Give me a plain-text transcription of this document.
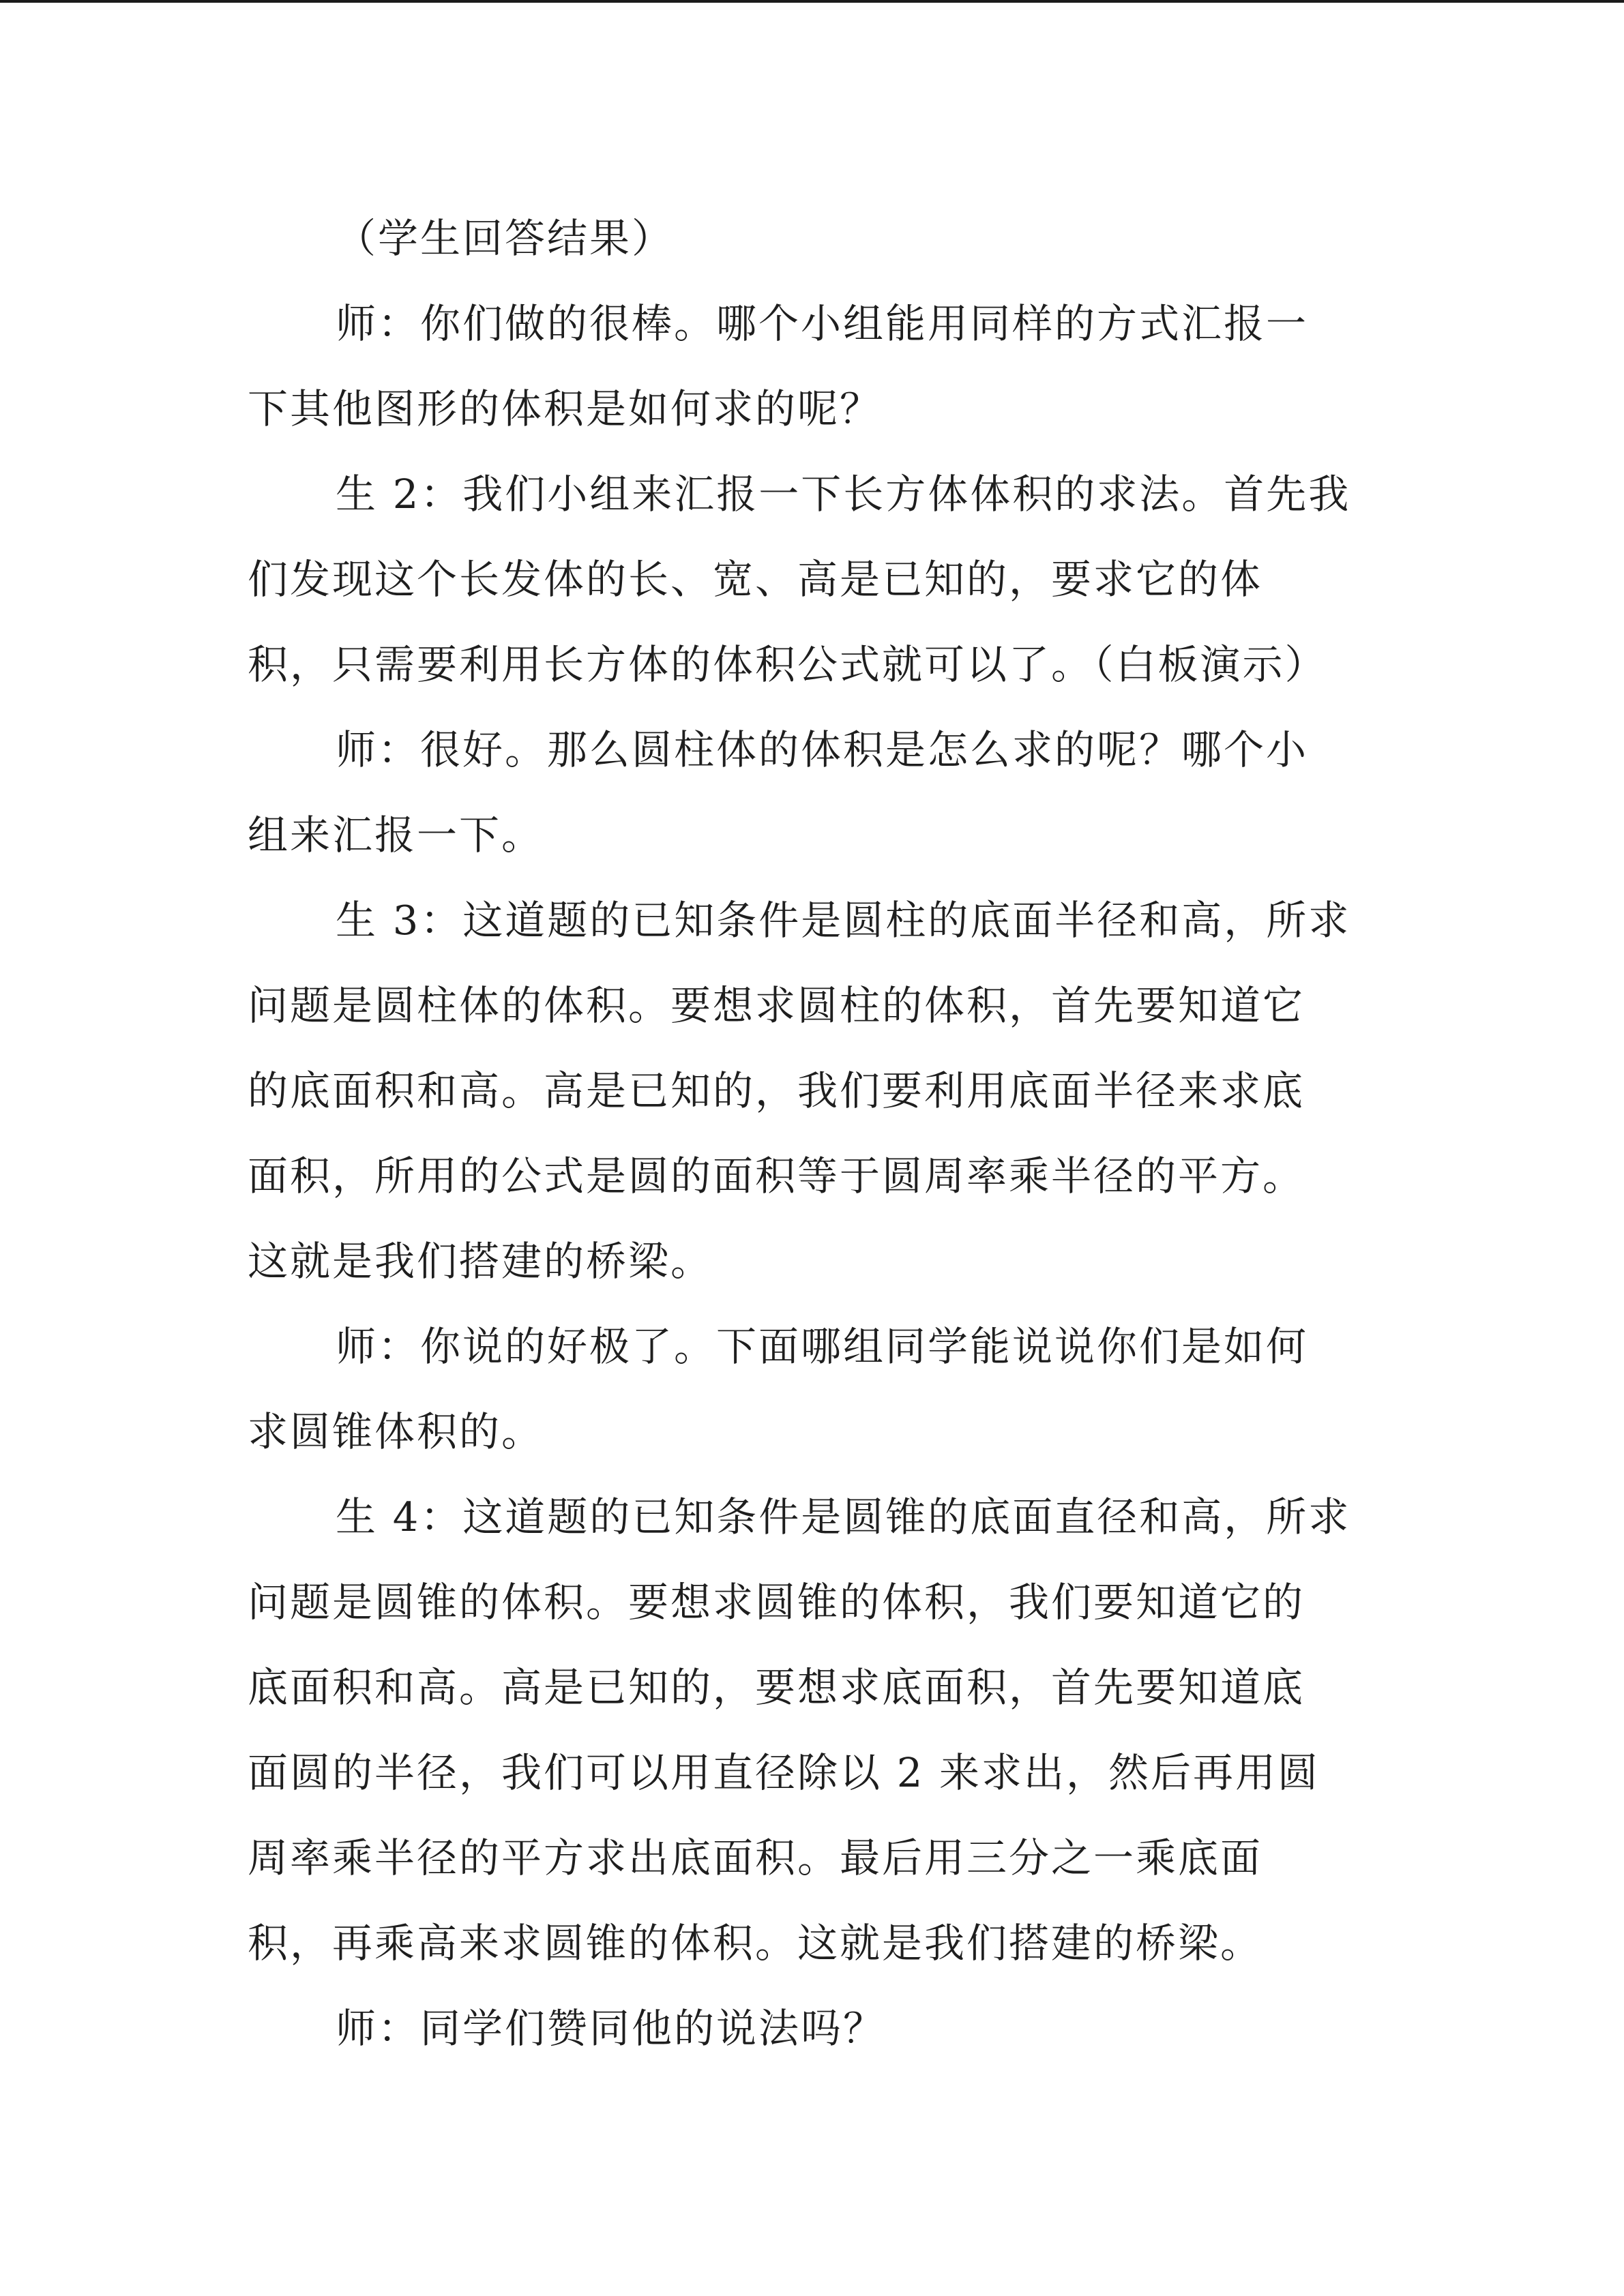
（学生回答结果）
师：你们做的很棒。哪个小组能用同样的方式汇报一
下其他图形的体积是如何求的呢？
生 2：我们小组来汇报一下长方体体积的求法。首先我
们发现这个长发体的长、宽、高是已知的，要求它的体
积，只需要利用长方体的体积公式就可以了。（白板演示）
师：很好。那么圆柱体的体积是怎么求的呢？哪个小
组来汇报一下。
生 3：这道题的已知条件是圆柱的底面半径和高，所求
问题是圆柱体的体积。要想求圆柱的体积，首先要知道它
的底面积和高。高是已知的，我们要利用底面半径来求底
面积，所用的公式是圆的面积等于圆周率乘半径的平方。
这就是我们搭建的桥梁。
师：你说的好极了。下面哪组同学能说说你们是如何
求圆锥体积的。
生 4：这道题的已知条件是圆锥的底面直径和高，所求
问题是圆锥的体积。要想求圆锥的体积，我们要知道它的
底面积和高。高是已知的，要想求底面积，首先要知道底
面圆的半径，我们可以用直径除以 2 来求出，然后再用圆
周率乘半径的平方求出底面积。最后用三分之一乘底面
积，再乘高来求圆锥的体积。这就是我们搭建的桥梁。
师：同学们赞同他的说法吗？
